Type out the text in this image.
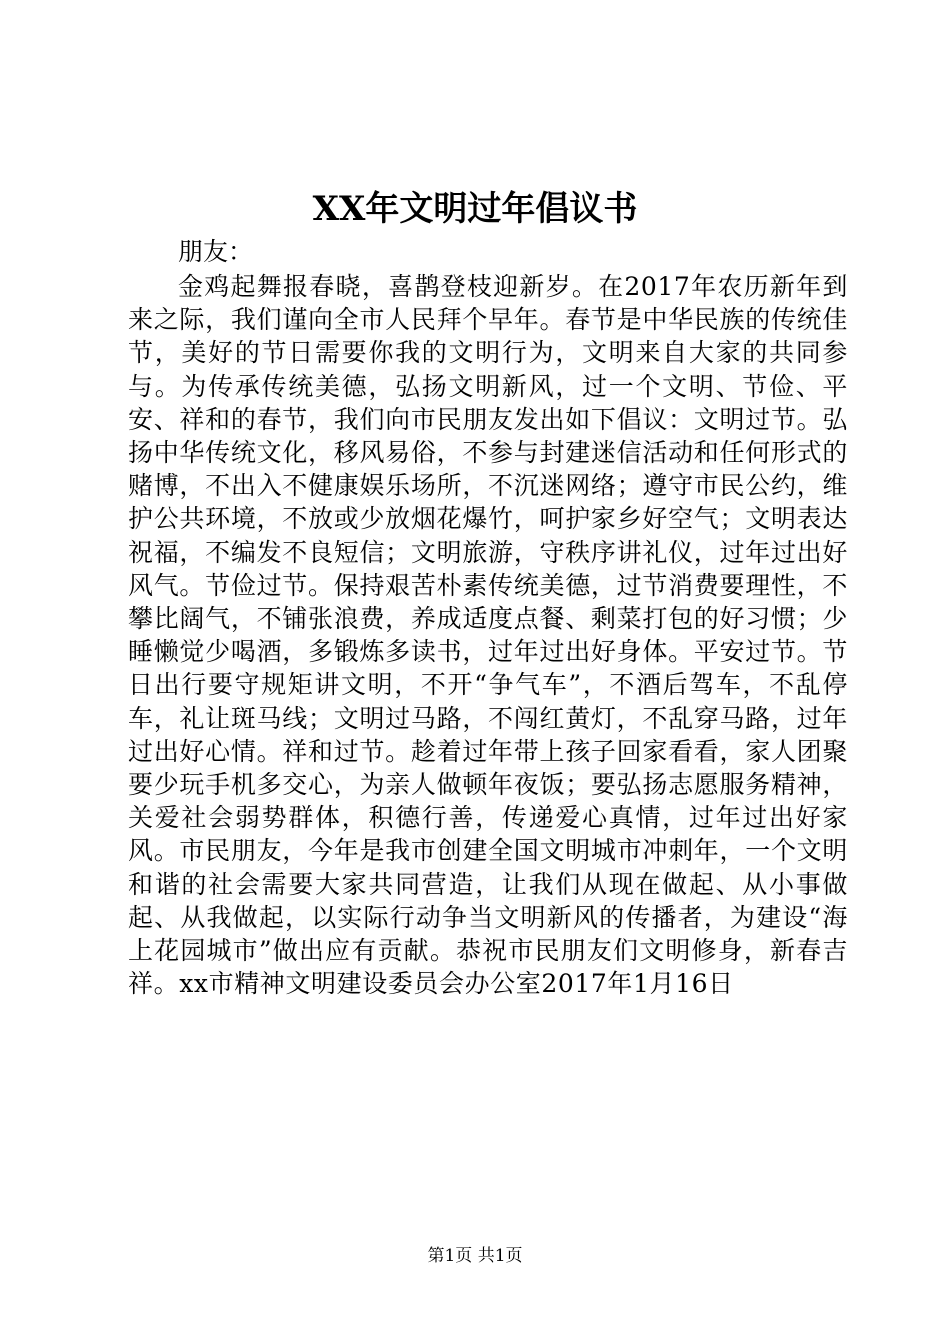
XX年文明过年倡议书

朋友：

金鸡起舞报春晓，喜鹊登枝迎新岁。在2017年农历新年到来之际，我们谨向全市人民拜个早年。春节是中华民族的传统佳节，美好的节日需要你我的文明行为，文明来自大家的共同参与。为传承传统美德，弘扬文明新风，过一个文明、节俭、平安、祥和的春节，我们向市民朋友发出如下倡议：文明过节。弘扬中华传统文化，移风易俗，不参与封建迷信活动和任何形式的赌博，不出入不健康娱乐场所，不沉迷网络；遵守市民公约，维护公共环境，不放或少放烟花爆竹，呵护家乡好空气；文明表达祝福，不编发不良短信；文明旅游，守秩序讲礼仪，过年过出好风气。节俭过节。保持艰苦朴素传统美德，过节消费要理性，不攀比阔气，不铺张浪费，养成适度点餐、剩菜打包的好习惯；少睡懒觉少喝酒，多锻炼多读书，过年过出好身体。平安过节。节日出行要守规矩讲文明，不开“争气车”，不酒后驾车，不乱停车，礼让斑马线；文明过马路，不闯红黄灯，不乱穿马路，过年过出好心情。祥和过节。趁着过年带上孩子回家看看，家人团聚要少玩手机多交心，为亲人做顿年夜饭；要弘扬志愿服务精神，关爱社会弱势群体，积德行善，传递爱心真情，过年过出好家风。市民朋友，今年是我市创建全国文明城市冲刺年，一个文明和谐的社会需要大家共同营造，让我们从现在做起、从小事做起、从我做起，以实际行动争当文明新风的传播者，为建设“海上花园城市”做出应有贡献。恭祝市民朋友们文明修身，新春吉祥。xx市精神文明建设委员会办公室2017年1月16日

第1页 共1页
